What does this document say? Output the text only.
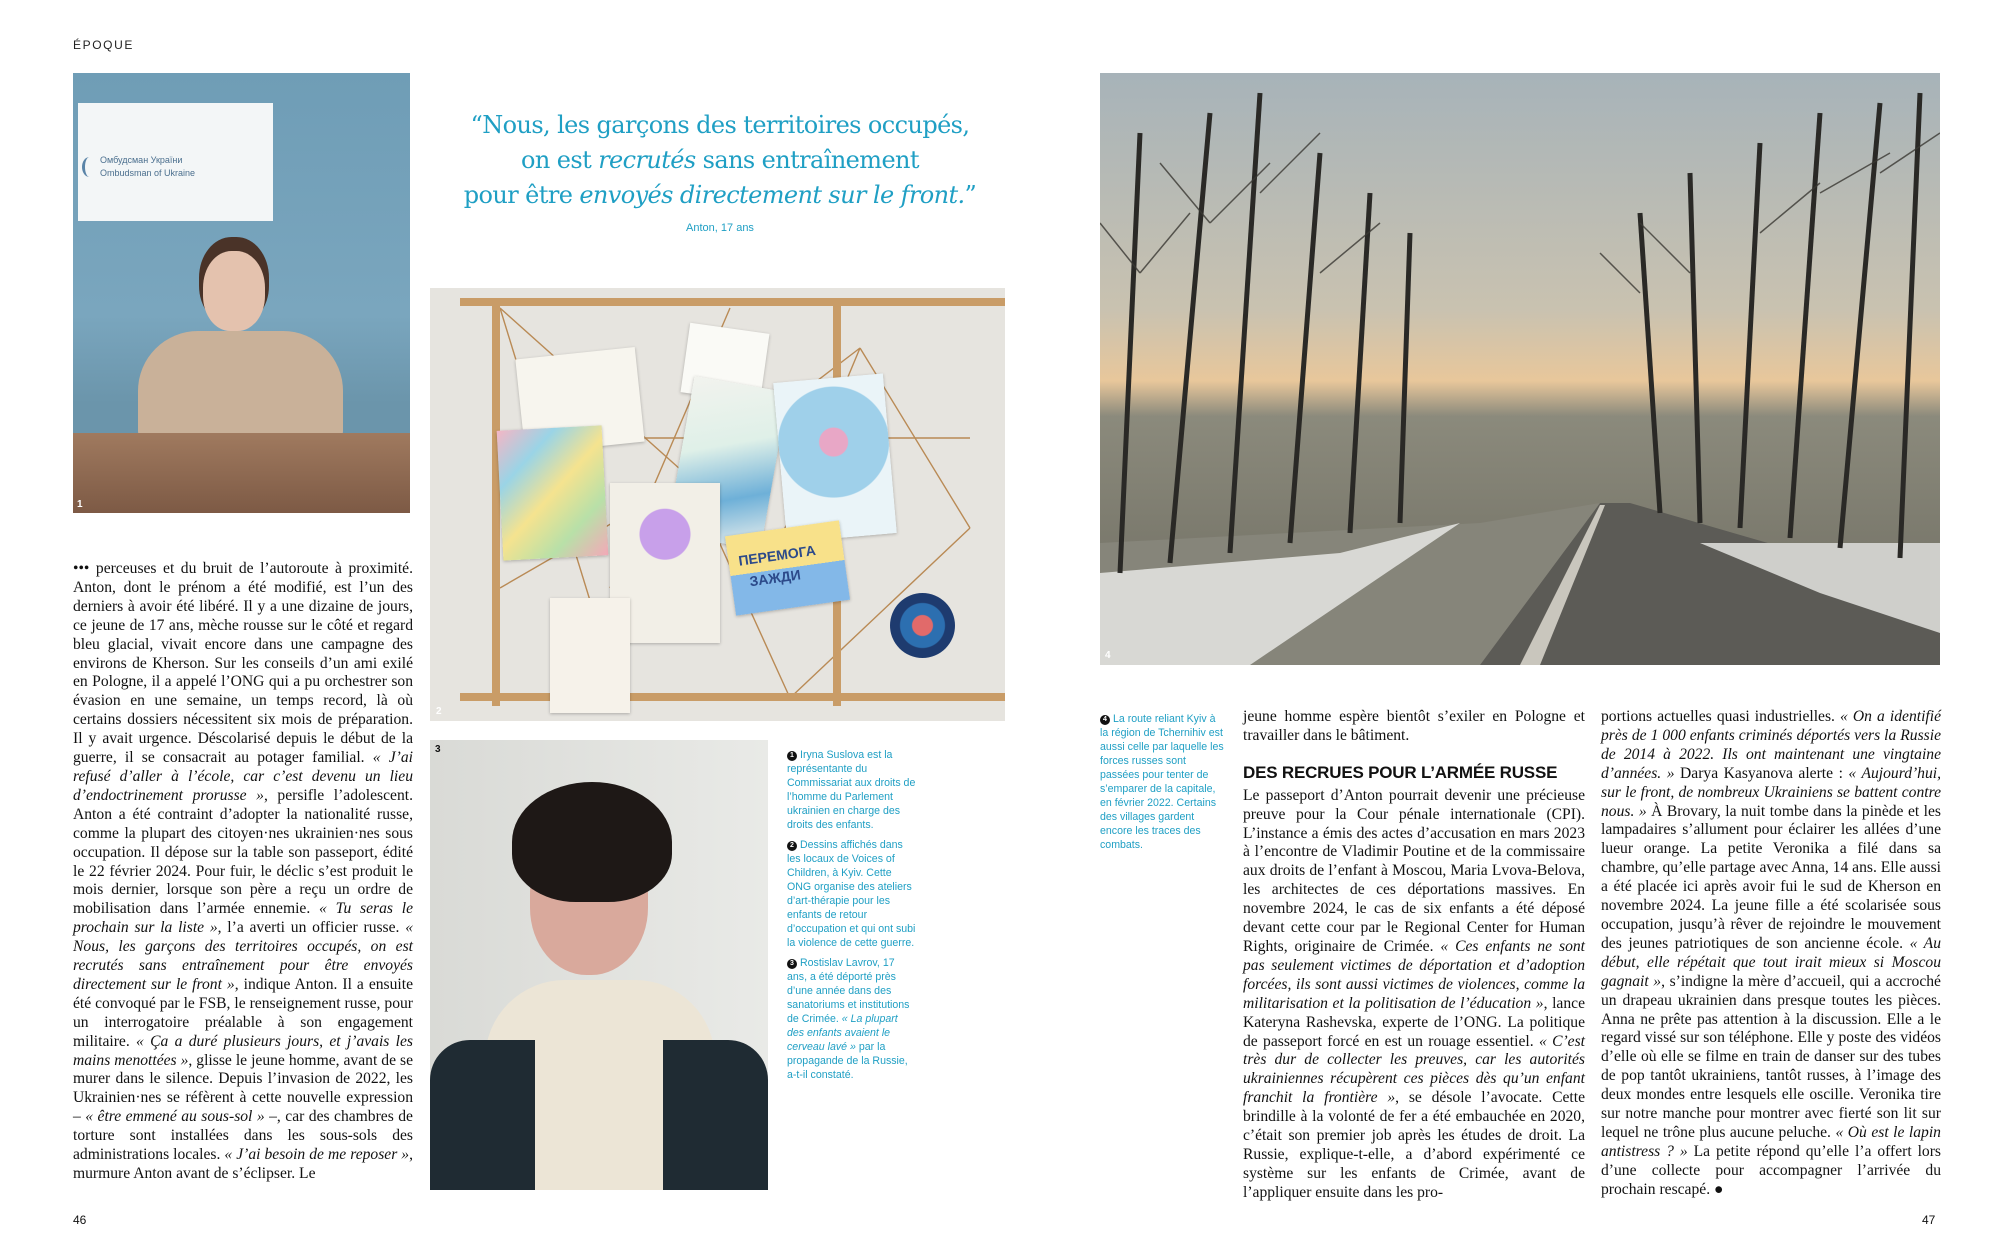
ÉPOQUE
Омбудсман України
Ombudsman of Ukraine
1
“Nous, les garçons des territoires occupés,
on est recrutés sans entraînement
pour être envoyés directement sur le front.”
Anton, 17 ans
ПЕРЕМОГА
ЗАЖДИ
2
3

1 Iryna Suslova est la représentante du Commissariat aux droits de l’homme du Parlement ukrainien en charge des droits des enfants.

2 Dessins affichés dans les locaux de Voices of Children, à Kyiv. Cette ONG organise des ateliers d’art-thérapie pour les enfants de retour d’occupation et qui ont subi la violence de cette guerre.

3 Rostislav Lavrov, 17 ans, a été déporté près d’une année dans des sanatoriums et institutions de Crimée. « La plupart des enfants avaient le cerveau lavé » par la propagande de la Russie, a-t-il constaté.

4

4 La route reliant Kyiv à la région de Tchernihiv est aussi celle par laquelle les forces russes sont passées pour tenter de s’emparer de la capitale, en février 2022. Certains des villages gardent encore les traces des combats.

••• perceuses et du bruit de l’autoroute à proximité. Anton, dont le prénom a été modifié, est l’un des derniers à avoir été libéré. Il y a une dizaine de jours, ce jeune de 17 ans, mèche rousse sur le côté et regard bleu glacial, vivait encore dans une campagne des environs de Kherson. Sur les conseils d’un ami exilé en Pologne, il a appelé l’ONG qui a pu orchestrer son évasion en une semaine, un temps record, là où certains dossiers nécessitent six mois de préparation. Il y avait urgence. Déscolarisé depuis le début de la guerre, il se consacrait au potager familial. « J’ai refusé d’aller à l’école, car c’est devenu un lieu d’endoctrinement prorusse », persifle l’adolescent. Anton a été contraint d’adopter la nationalité russe, comme la plupart des citoyen·nes ukrainien·nes sous occupation. Il dépose sur la table son passeport, édité le 22 février 2024. Pour fuir, le déclic s’est produit le mois dernier, lorsque son père a reçu un ordre de mobilisation dans l’armée ennemie. « Tu seras le prochain sur la liste », l’a averti un officier russe. « Nous, les garçons des territoires occupés, on est recrutés sans entraînement pour être envoyés directement sur le front », indique Anton. Il a ensuite été convoqué par le FSB, le renseignement russe, pour un interrogatoire préalable à son engagement militaire. « Ça a duré plusieurs jours, et j’avais les mains menottées », glisse le jeune homme, avant de se murer dans le silence. Depuis l’invasion de 2022, les Ukrainien·nes se réfèrent à cette nouvelle expression – « être emmené au sous-sol » –, car des chambres de torture sont installées dans les sous-sols des administrations locales. « J’ai besoin de me reposer », murmure Anton avant de s’éclipser. Le

jeune homme espère bientôt s’exiler en Pologne et travailler dans le bâtiment.

DES RECRUES POUR L’ARMÉE RUSSE

Le passeport d’Anton pourrait devenir une précieuse preuve pour la Cour pénale internationale (CPI). L’instance a émis des actes d’accusation en mars 2023 à l’encontre de Vladimir Poutine et de la commissaire aux droits de l’enfant à Moscou, Maria Lvova-Belova, les architectes de ces déportations massives. En novembre 2024, le cas de six enfants a été déposé devant cette cour par le Regional Center for Human Rights, originaire de Crimée. « Ces enfants ne sont pas seulement victimes de déportation et d’adoption forcées, ils sont aussi victimes de violences, comme la militarisation et la politisation de l’éducation », lance Kateryna Rashevska, experte de l’ONG. La politique de passeport forcé en est un rouage essentiel. « C’est très dur de collecter les preuves, car les autorités ukrainiennes récupèrent ces pièces dès qu’un enfant franchit la frontière », se désole l’avocate. Cette brindille à la volonté de fer a été embauchée en 2020, c’était son premier job après les études de droit. La Russie, explique-t-elle, a d’abord expérimenté ce système sur les enfants de Crimée, avant de l’appliquer ensuite dans les pro-

portions actuelles quasi industrielles. « On a identifié près de 1 000 enfants criminés déportés vers la Russie de 2014 à 2022. Ils ont maintenant une vingtaine d’années. » Darya Kasyanova alerte : « Aujourd’hui, sur le front, de nombreux Ukrainiens se battent contre nous. » À Brovary, la nuit tombe dans la pinède et les lampadaires s’allument pour éclairer les allées d’une lueur orange. La petite Veronika a filé dans sa chambre, qu’elle partage avec Anna, 14 ans. Elle aussi a été placée ici après avoir fui le sud de Kherson en novembre 2024. La jeune fille a été scolarisée sous occupation, jusqu’à rêver de rejoindre le mouvement des jeunes patriotiques de son ancienne école. « Au début, elle répétait que tout irait mieux si Moscou gagnait », s’indigne la mère d’accueil, qui a accroché un drapeau ukrainien dans presque toutes les pièces. Anna ne prête pas attention à la discussion. Elle a le regard vissé sur son téléphone. Elle y poste des vidéos d’elle où elle se filme en train de danser sur des tubes de pop tantôt ukrainiens, tantôt russes, à l’image des deux mondes entre lesquels elle oscille. Veronika tire sur notre manche pour montrer avec fierté son lit sur lequel ne trône plus aucune peluche. « Où est le lapin antistress ? » La petite répond qu’elle l’a offert lors d’une collecte pour accompagner l’arrivée du prochain rescapé. ●

46	47
